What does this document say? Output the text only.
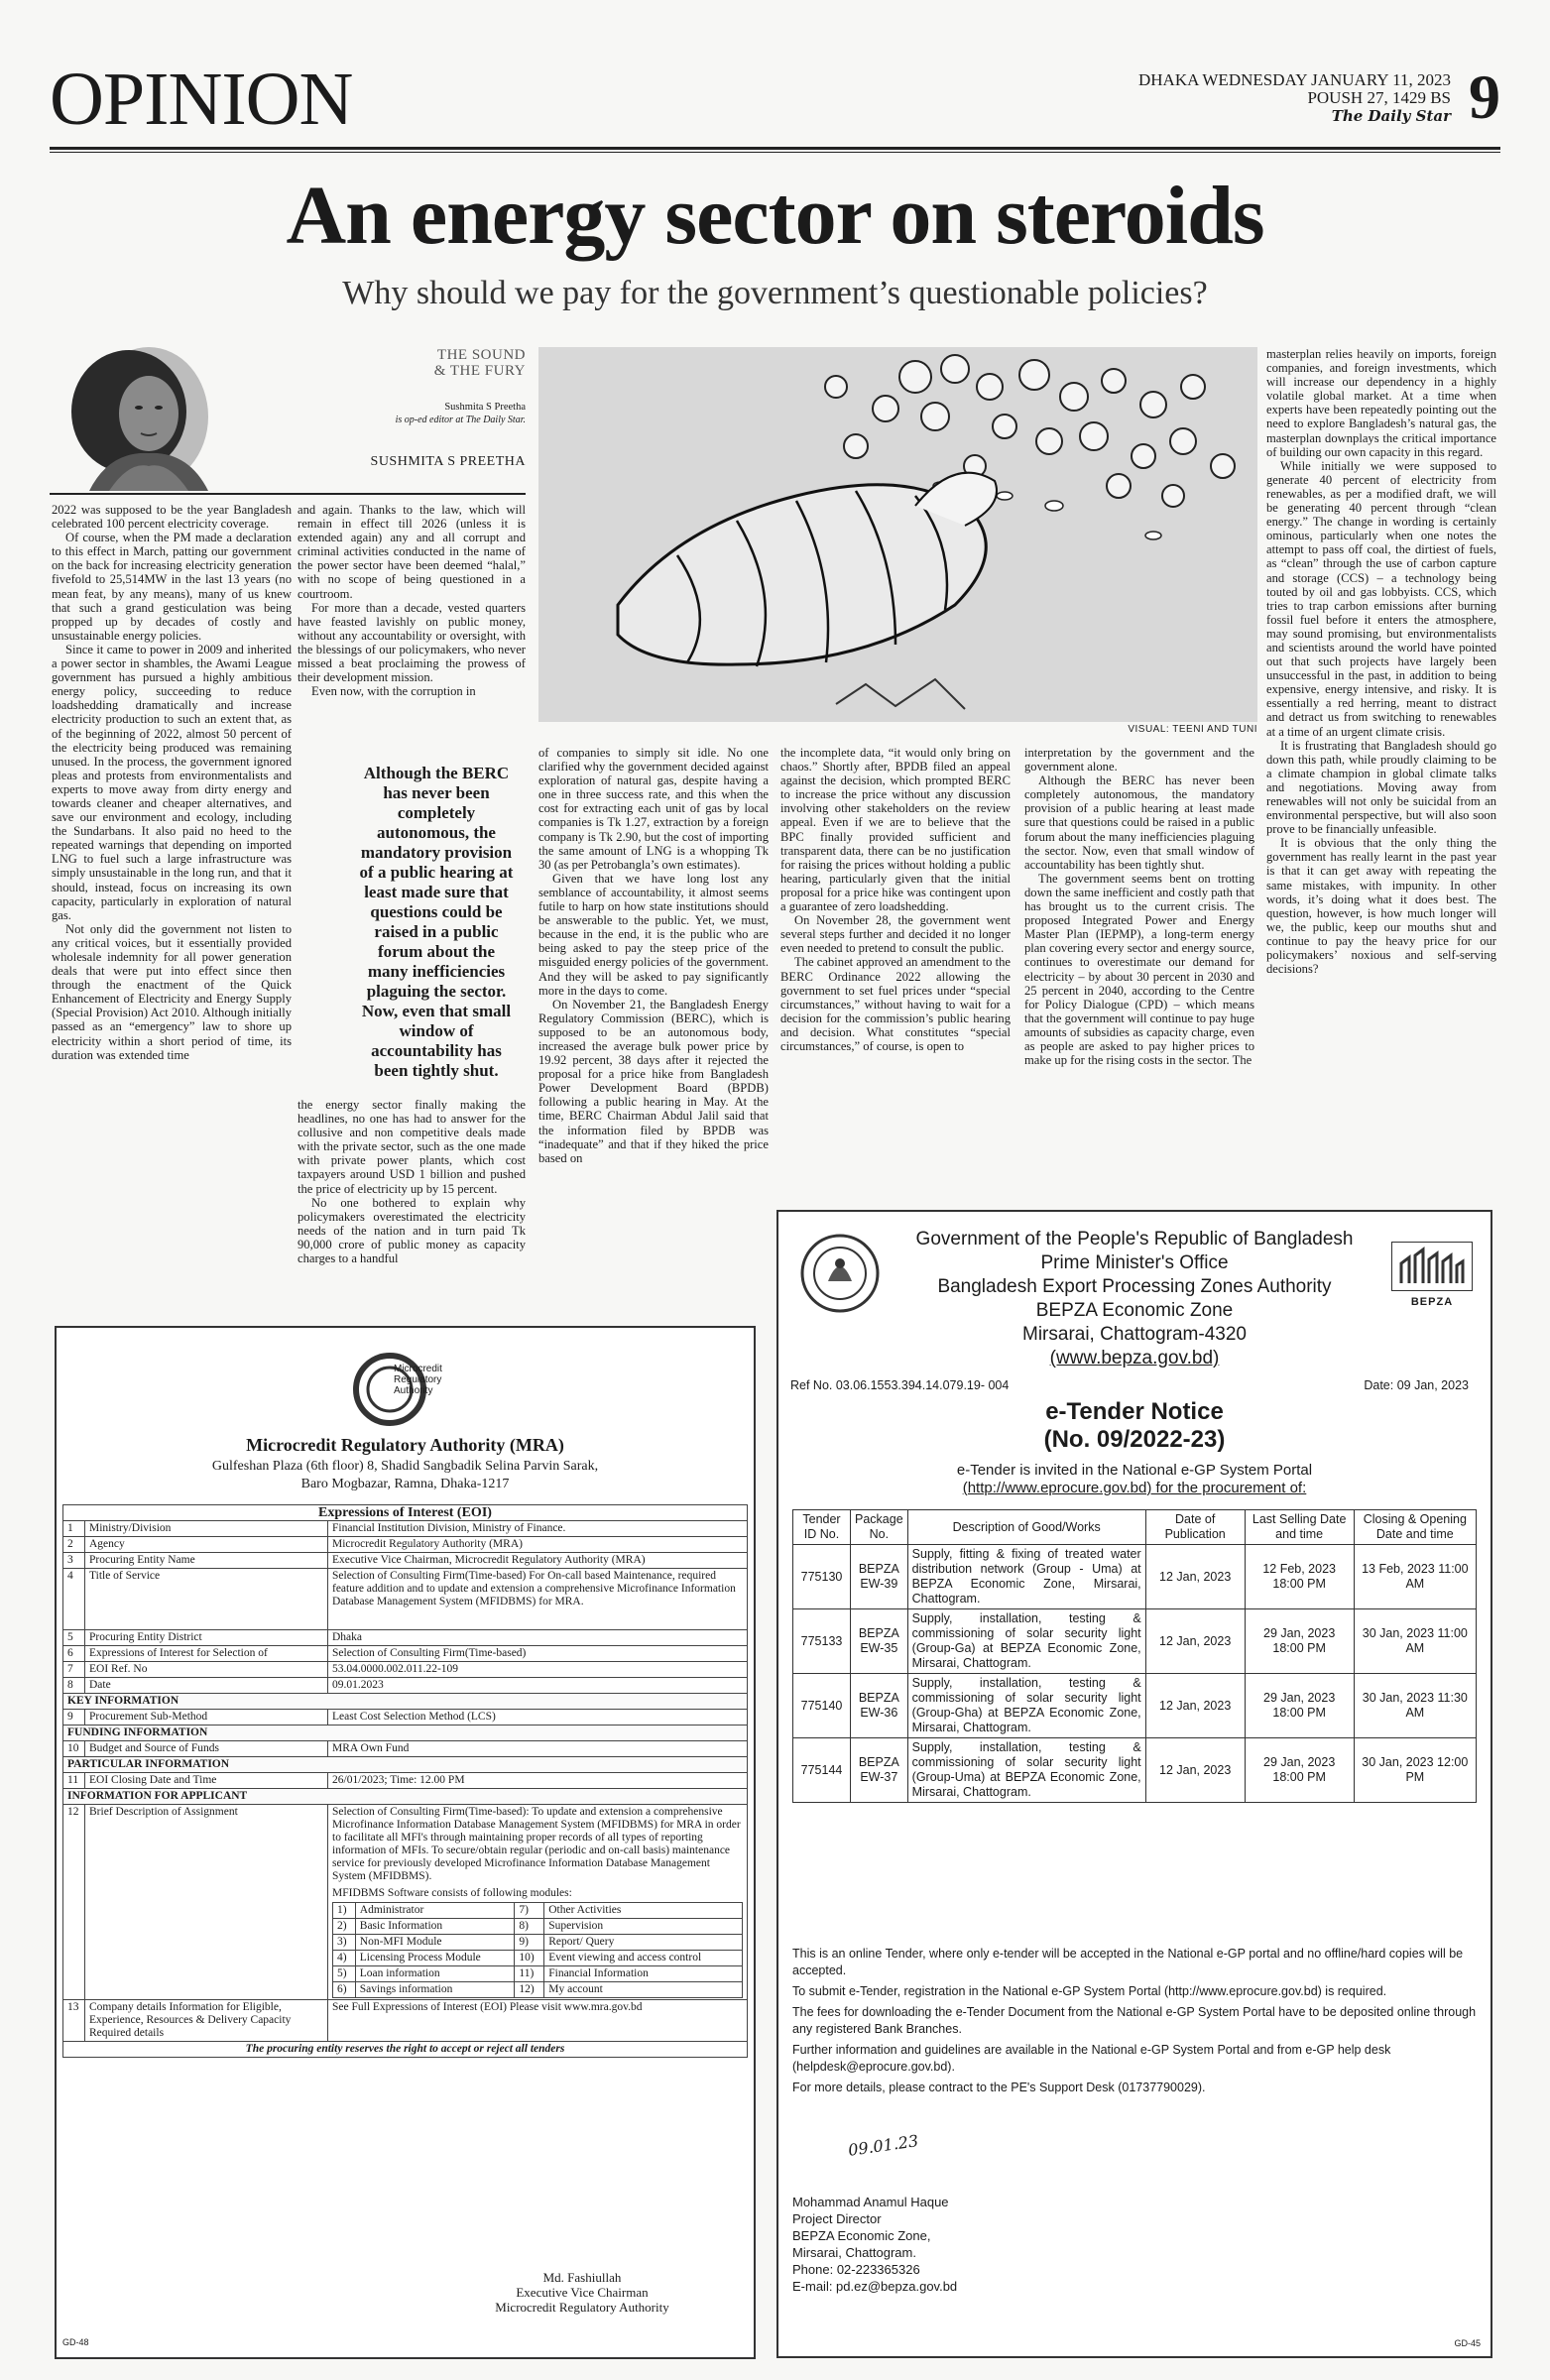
OPINION	DHAKA WEDNESDAY JANUARY 11, 2023
POUSH 27, 1429 BS
The Daily Star 9
An energy sector on steroids
Why should we pay for the government’s questionable policies?
THE SOUND
& THE FURY
Sushmita S Preetha
is op-ed editor at The Daily Star.
SUSHMITA S PREETHA
VISUAL: TEENI AND TUNI

2022 was supposed to be the year Bangladesh celebrated 100 percent electricity coverage.

Of course, when the PM made a declaration to this effect in March, patting our government on the back for increasing electricity generation fivefold to 25,514MW in the last 13 years (no mean feat, by any means), many of us knew that such a grand gesticulation was being propped up by decades of costly and unsustainable energy policies.

Since it came to power in 2009 and inherited a power sector in shambles, the Awami League government has pursued a highly ambitious energy policy, succeeding to reduce loadshedding dramatically and increase electricity production to such an extent that, as of the beginning of 2022, almost 50 percent of the electricity being produced was remaining unused. In the process, the government ignored pleas and protests from environmentalists and experts to move away from dirty energy and towards cleaner and cheaper alternatives, and save our environment and ecology, including the Sundarbans. It also paid no heed to the repeated warnings that depending on imported LNG to fuel such a large infrastructure was simply unsustainable in the long run, and that it should, instead, focus on increasing its own capacity, particularly in exploration of natural gas.

Not only did the government not listen to any critical voices, but it essentially provided wholesale indemnity for all power generation deals that were put into effect since then through the enactment of the Quick Enhancement of Electricity and Energy Supply (Special Provision) Act 2010. Although initially passed as an “emergency” law to shore up electricity within a short period of time, its duration was extended time

and again. Thanks to the law, which will remain in effect till 2026 (unless it is extended again) any and all corrupt and criminal activities conducted in the name of the power sector have been deemed “halal,” with no scope of being questioned in a courtroom.

For more than a decade, vested quarters have feasted lavishly on public money, without any accountability or oversight, with the blessings of our policymakers, who never missed a beat proclaiming the prowess of their development mission.

Even now, with the corruption in

Although the BERC has never been completely autonomous, the mandatory provision of a public hearing at least made sure that questions could be raised in a public forum about the many inefficiencies plaguing the sector. Now, even that small window of accountability has been tightly shut.

the energy sector finally making the headlines, no one has had to answer for the collusive and non competitive deals made with the private sector, such as the one made with private power plants, which cost taxpayers around USD 1 billion and pushed the price of electricity up by 15 percent.

No one bothered to explain why policymakers overestimated the electricity needs of the nation and in turn paid Tk 90,000 crore of public money as capacity charges to a handful

of companies to simply sit idle. No one clarified why the government decided against exploration of natural gas, despite having a one in three success rate, and this when the cost for extracting each unit of gas by local companies is Tk 1.27, extraction by a foreign company is Tk 2.90, but the cost of importing the same amount of LNG is a whopping Tk 30 (as per Petrobangla’s own estimates).

Given that we have long lost any semblance of accountability, it almost seems futile to harp on how state institutions should be answerable to the public. Yet, we must, because in the end, it is the public who are being asked to pay the steep price of the misguided energy policies of the government. And they will be asked to pay significantly more in the days to come.

On November 21, the Bangladesh Energy Regulatory Commission (BERC), which is supposed to be an autonomous body, increased the average bulk power price by 19.92 percent, 38 days after it rejected the proposal for a price hike from Bangladesh Power Development Board (BPDB) following a public hearing in May. At the time, BERC Chairman Abdul Jalil said that the information filed by BPDB was “inadequate” and that if they hiked the price based on

the incomplete data, “it would only bring on chaos.” Shortly after, BPDB filed an appeal against the decision, which prompted BERC to increase the price without any discussion involving other stakeholders on the review appeal. Even if we are to believe that the BPC finally provided sufficient and transparent data, there can be no justification for raising the prices without holding a public hearing, particularly given that the initial proposal for a price hike was contingent upon a guarantee of zero loadshedding.

On November 28, the government went several steps further and decided it no longer even needed to pretend to consult the public.

The cabinet approved an amendment to the BERC Ordinance 2022 allowing the government to set fuel prices under “special circumstances,” without having to wait for a decision for the commission’s public hearing and decision. What constitutes “special circumstances,” of course, is open to

interpretation by the government and the government alone.

Although the BERC has never been completely autonomous, the mandatory provision of a public hearing at least made sure that questions could be raised in a public forum about the many inefficiencies plaguing the sector. Now, even that small window of accountability has been tightly shut.

The government seems bent on trotting down the same inefficient and costly path that has brought us to the current crisis. The proposed Integrated Power and Energy Master Plan (IEPMP), a long-term energy plan covering every sector and energy source, continues to overestimate our demand for electricity – by about 30 percent in 2030 and 25 percent in 2040, according to the Centre for Policy Dialogue (CPD) – which means that the government will continue to pay huge amounts of subsidies as capacity charge, even as people are asked to pay higher prices to make up for the rising costs in the sector. The

masterplan relies heavily on imports, foreign companies, and foreign investments, which will increase our dependency in a highly volatile global market. At a time when experts have been repeatedly pointing out the need to explore Bangladesh’s natural gas, the masterplan downplays the critical importance of building our own capacity in this regard.

While initially we were supposed to generate 40 percent of electricity from renewables, as per a modified draft, we will be generating 40 percent through “clean energy.” The change in wording is certainly ominous, particularly when one notes the attempt to pass off coal, the dirtiest of fuels, as “clean” through the use of carbon capture and storage (CCS) – a technology being touted by oil and gas lobbyists. CCS, which tries to trap carbon emissions after burning fossil fuel before it enters the atmosphere, may sound promising, but environmentalists and scientists around the world have pointed out that such projects have largely been unsuccessful in the past, in addition to being expensive, energy intensive, and risky. It is essentially a red herring, meant to distract and detract us from switching to renewables at a time of an urgent climate crisis.

It is frustrating that Bangladesh should go down this path, while proudly claiming to be a climate champion in global climate talks and negotiations. Moving away from renewables will not only be suicidal from an environmental perspective, but will also soon prove to be financially unfeasible.

It is obvious that the only thing the government has really learnt in the past year is that it can get away with repeating the same mistakes, with impunity. In other words, it’s doing what it does best. The question, however, is how much longer will we, the public, keep our mouths shut and continue to pay the heavy price for our policymakers’ noxious and self-serving decisions?

Microcredit
Regulatory
Authority
Microcredit Regulatory Authority (MRA)
Gulfeshan Plaza (6th floor) 8, Shadid Sangbadik Selina Parvin Sarak,
Baro Mogbazar, Ramna, Dhaka-1217
Expressions of Interest (EOI)
1	Ministry/Division	Financial Institution Division, Ministry of Finance.
2	Agency	Microcredit Regulatory Authority (MRA)
3	Procuring Entity Name	Executive Vice Chairman, Microcredit Regulatory Authority (MRA)
4	Title of Service	Selection of Consulting Firm(Time-based) For On-call based Maintenance, required feature addition and to update and extension a comprehensive Microfinance Information Database Management System (MFIDBMS) for MRA.
5	Procuring Entity District	Dhaka
6	Expressions of Interest for Selection of	Selection of Consulting Firm(Time-based)
7	EOI Ref. No	53.04.0000.002.011.22-109
8	Date	09.01.2023
KEY INFORMATION
9	Procurement Sub-Method	Least Cost Selection Method (LCS)
FUNDING INFORMATION
10	Budget and Source of Funds	MRA Own Fund
PARTICULAR INFORMATION
11	EOI Closing Date and Time	26/01/2023; Time: 12.00 PM
INFORMATION FOR APPLICANT
12	Brief Description of Assignment	Selection of Consulting Firm(Time-based): To update and extension a comprehensive Microfinance Information Database Management System (MFIDBMS) for MRA in order to facilitate all MFI's through maintaining proper records of all types of reporting information of MFIs. To secure/obtain regular (periodic and on-call basis) maintenance service for previously developed Microfinance Information Database Management System (MFIDBMS).
MFIDBMS Software consists of following modules:
1)	Administrator	7)	Other Activities
2)	Basic Information	8)	Supervision
3)	Non-MFI Module	9)	Report/ Query
4)	Licensing Process Module	10)	Event viewing and access control
5)	Loan information	11)	Financial Information
6)	Savings information	12)	My account

13	Company details Information for Eligible, Experience, Resources & Delivery Capacity Required details	See Full Expressions of Interest (EOI) Please visit www.mra.gov.bd
The procuring entity reserves the right to accept or reject all tenders
Md. Fashiullah
Executive Vice Chairman
Microcredit Regulatory Authority
GD-48
BEPZA
Government of the People's Republic of Bangladesh
Prime Minister's Office
Bangladesh Export Processing Zones Authority
BEPZA Economic Zone
Mirsarai, Chattogram-4320
(www.bepza.gov.bd)
Ref No. 03.06.1553.394.14.079.19- 004	Date: 09 Jan, 2023
e-Tender Notice
(No. 09/2022-23)
e-Tender is invited in the National e-GP System Portal
(http://www.eprocure.gov.bd) for the procurement of:
Tender ID No.	Package No.	Description of Good/Works	Date of Publication	Last Selling Date and time	Closing & Opening Date and time
775130	BEPZA EW-39	Supply, fitting & fixing of treated water distribution network (Group - Uma) at BEPZA Economic Zone, Mirsarai, Chattogram.	12 Jan, 2023	12 Feb, 2023 18:00 PM	13 Feb, 2023 11:00 AM
775133	BEPZA EW-35	Supply, installation, testing & commissioning of solar security light (Group-Ga) at BEPZA Economic Zone, Mirsarai, Chattogram.	12 Jan, 2023	29 Jan, 2023 18:00 PM	30 Jan, 2023 11:00 AM
775140	BEPZA EW-36	Supply, installation, testing & commissioning of solar security light (Group-Gha) at BEPZA Economic Zone, Mirsarai, Chattogram.	12 Jan, 2023	29 Jan, 2023 18:00 PM	30 Jan, 2023 11:30 AM
775144	BEPZA EW-37	Supply, installation, testing & commissioning of solar security light (Group-Uma) at BEPZA Economic Zone, Mirsarai, Chattogram.	12 Jan, 2023	29 Jan, 2023 18:00 PM	30 Jan, 2023 12:00 PM
This is an online Tender, where only e-tender will be accepted in the National e-GP portal and no offline/hard copies will be accepted.
To submit e-Tender, registration in the National e-GP System Portal (http://www.eprocure.gov.bd) is required.
The fees for downloading the e-Tender Document from the National e-GP System Portal have to be deposited online through any registered Bank Branches.
Further information and guidelines are available in the National e-GP System Portal and from e-GP help desk (helpdesk@eprocure.gov.bd).
For more details, please contract to the PE's Support Desk (01737790029).
09.01.23
Mohammad Anamul Haque
Project Director
BEPZA Economic Zone,
Mirsarai, Chattogram.
Phone: 02-223365326
E-mail: pd.ez@bepza.gov.bd
GD-45
